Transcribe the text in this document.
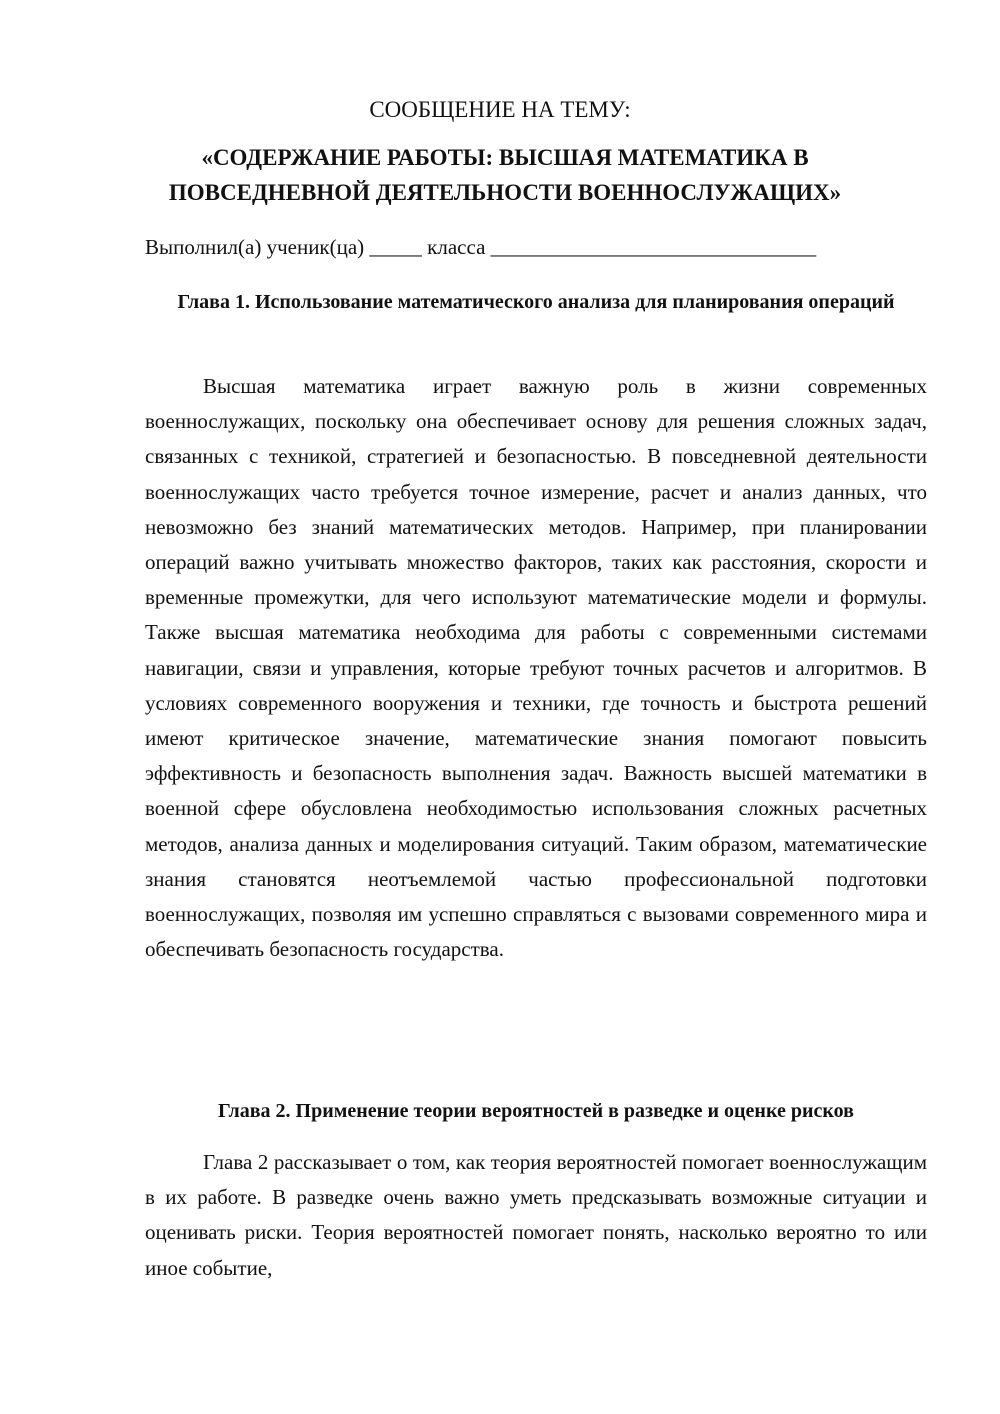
СООБЩЕНИЕ НА ТЕМУ:
«СОДЕРЖАНИЕ РАБОТЫ: ВЫСШАЯ МАТЕМАТИКА В ПОВСЕДНЕВНОЙ ДЕЯТЕЛЬНОСТИ ВОЕННОСЛУЖАЩИХ»
Выполнил(а) ученик(ца) _____ класса _______________________________
Глава 1. Использование математического анализа для планирования операций

Высшая математика играет важную роль в жизни современных военнослужащих, поскольку она обеспечивает основу для решения сложных задач, связанных с техникой, стратегией и безопасностью. В повседневной деятельности военнослужащих часто требуется точное измерение, расчет и анализ данных, что невозможно без знаний математических методов. Например, при планировании операций важно учитывать множество факторов, таких как расстояния, скорости и временные промежутки, для чего используют математические модели и формулы. Также высшая математика необходима для работы с современными системами навигации, связи и управления, которые требуют точных расчетов и алгоритмов. В условиях современного вооружения и техники, где точность и быстрота решений имеют критическое значение, математические знания помогают повысить эффективность и безопасность выполнения задач. Важность высшей математики в военной сфере обусловлена необходимостью использования сложных расчетных методов, анализа данных и моделирования ситуаций. Таким образом, математические знания становятся неотъемлемой частью профессиональной подготовки военнослужащих, позволяя им успешно справляться с вызовами современного мира и обеспечивать безопасность государства.

Глава 2. Применение теории вероятностей в разведке и оценке рисков

Глава 2 рассказывает о том, как теория вероятностей помогает военнослужащим в их работе. В разведке очень важно уметь предсказывать возможные ситуации и оценивать риски. Теория вероятностей помогает понять, насколько вероятно то или иное событие,
